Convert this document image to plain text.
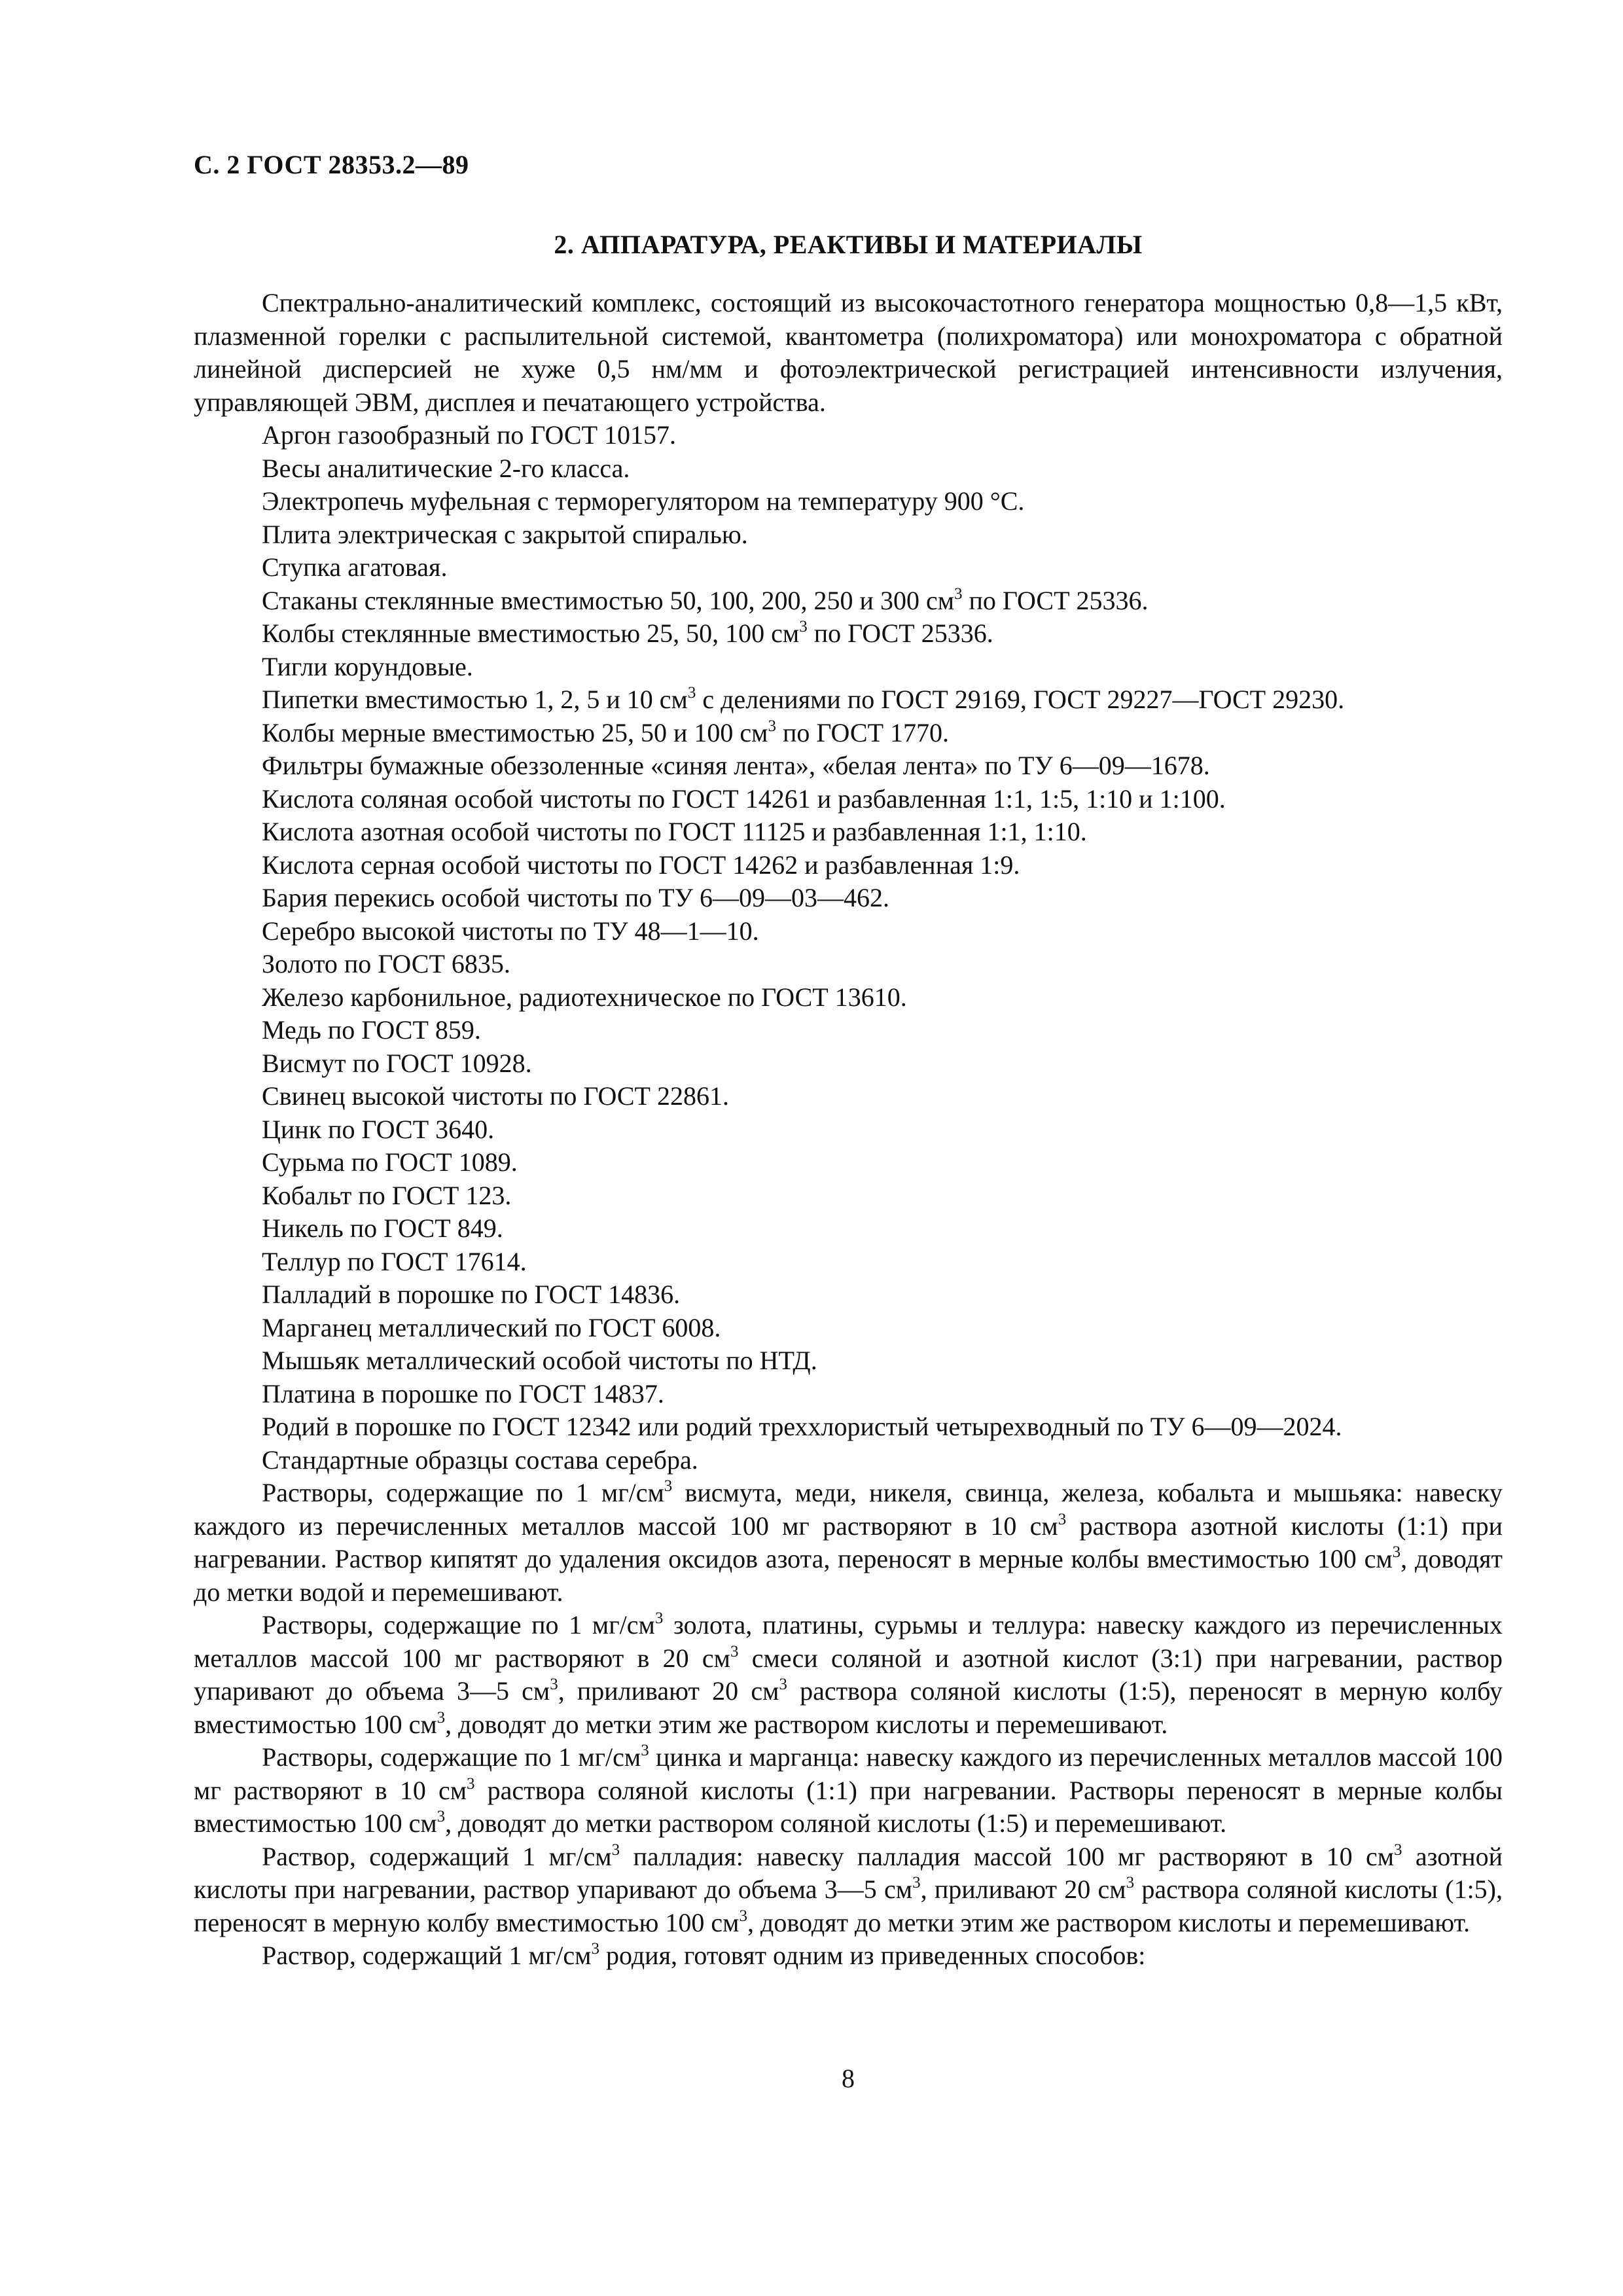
С. 2 ГОСТ 28353.2—89
2. АППАРАТУРА, РЕАКТИВЫ И МАТЕРИАЛЫ

Спектрально-аналитический комплекс, состоящий из высокочастотного генератора мощностью 0,8—1,5 кВт, плазменной горелки с распылительной системой, квантометра (полихроматора) или монохроматора с обратной линейной дисперсией не хуже 0,5 нм/мм и фотоэлектрической регистрацией интенсивности излучения, управляющей ЭВМ, дисплея и печатающего устройства.

Аргон газообразный по ГОСТ 10157.

Весы аналитические 2-го класса.

Электропечь муфельная с терморегулятором на температуру 900 °С.

Плита электрическая с закрытой спиралью.

Ступка агатовая.

Стаканы стеклянные вместимостью 50, 100, 200, 250 и 300 $см^3$ по ГОСТ 25336.

Колбы стеклянные вместимостью 25, 50, 100 $см^3$ по ГОСТ 25336.

Тигли корундовые.

Пипетки вместимостью 1, 2, 5 и 10 $см^3$ с делениями по ГОСТ 29169, ГОСТ 29227—ГОСТ 29230.

Колбы мерные вместимостью 25, 50 и 100 $см^3$ по ГОСТ 1770.

Фильтры бумажные обеззоленные «синяя лента», «белая лента» по ТУ 6—09—1678.

Кислота соляная особой чистоты по ГОСТ 14261 и разбавленная 1:1, 1:5, 1:10 и 1:100.

Кислота азотная особой чистоты по ГОСТ 11125 и разбавленная 1:1, 1:10.

Кислота серная особой чистоты по ГОСТ 14262 и разбавленная 1:9.

Бария перекись особой чистоты по ТУ 6—09—03—462.

Серебро высокой чистоты по ТУ 48—1—10.

Золото по ГОСТ 6835.

Железо карбонильное, радиотехническое по ГОСТ 13610.

Медь по ГОСТ 859.

Висмут по ГОСТ 10928.

Свинец высокой чистоты по ГОСТ 22861.

Цинк по ГОСТ 3640.

Сурьма по ГОСТ 1089.

Кобальт по ГОСТ 123.

Никель по ГОСТ 849.

Теллур по ГОСТ 17614.

Палладий в порошке по ГОСТ 14836.

Марганец металлический по ГОСТ 6008.

Мышьяк металлический особой чистоты по НТД.

Платина в порошке по ГОСТ 14837.

Родий в порошке по ГОСТ 12342 или родий треххлористый четырехводный по ТУ 6—09—2024.

Стандартные образцы состава серебра.

Растворы, содержащие по 1 $мг/см^3$ висмута, меди, никеля, свинца, железа, кобальта и мышьяка: навеску каждого из перечисленных металлов массой 100 мг растворяют в 10 $см^3$ раствора азотной кислоты (1:1) при нагревании. Раствор кипятят до удаления оксидов азота, переносят в мерные колбы вместимостью 100 $см^3$, доводят до метки водой и перемешивают.

Растворы, содержащие по 1 $мг/см^3$ золота, платины, сурьмы и теллура: навеску каждого из перечисленных металлов массой 100 мг растворяют в 20 $см^3$ смеси соляной и азотной кислот (3:1) при нагревании, раствор упаривают до объема 3—5 $см^3$, приливают 20 $см^3$ раствора соляной кислоты (1:5), переносят в мерную колбу вместимостью 100 $см^3$, доводят до метки этим же раствором кислоты и перемешивают.

Растворы, содержащие по 1 $мг/см^3$ цинка и марганца: навеску каждого из перечисленных металлов массой 100 мг растворяют в 10 $см^3$ раствора соляной кислоты (1:1) при нагревании. Растворы переносят в мерные колбы вместимостью 100 $см^3$, доводят до метки раствором соляной кислоты (1:5) и перемешивают.

Раствор, содержащий 1 $мг/см^3$ палладия: навеску палладия массой 100 мг растворяют в 10 $см^3$ азотной кислоты при нагревании, раствор упаривают до объема 3—5 $см^3$, приливают 20 $см^3$ раствора соляной кислоты (1:5), переносят в мерную колбу вместимостью 100 $см^3$, доводят до метки этим же раствором кислоты и перемешивают.

Раствор, содержащий 1 $мг/см^3$ родия, готовят одним из приведенных способов:

8
